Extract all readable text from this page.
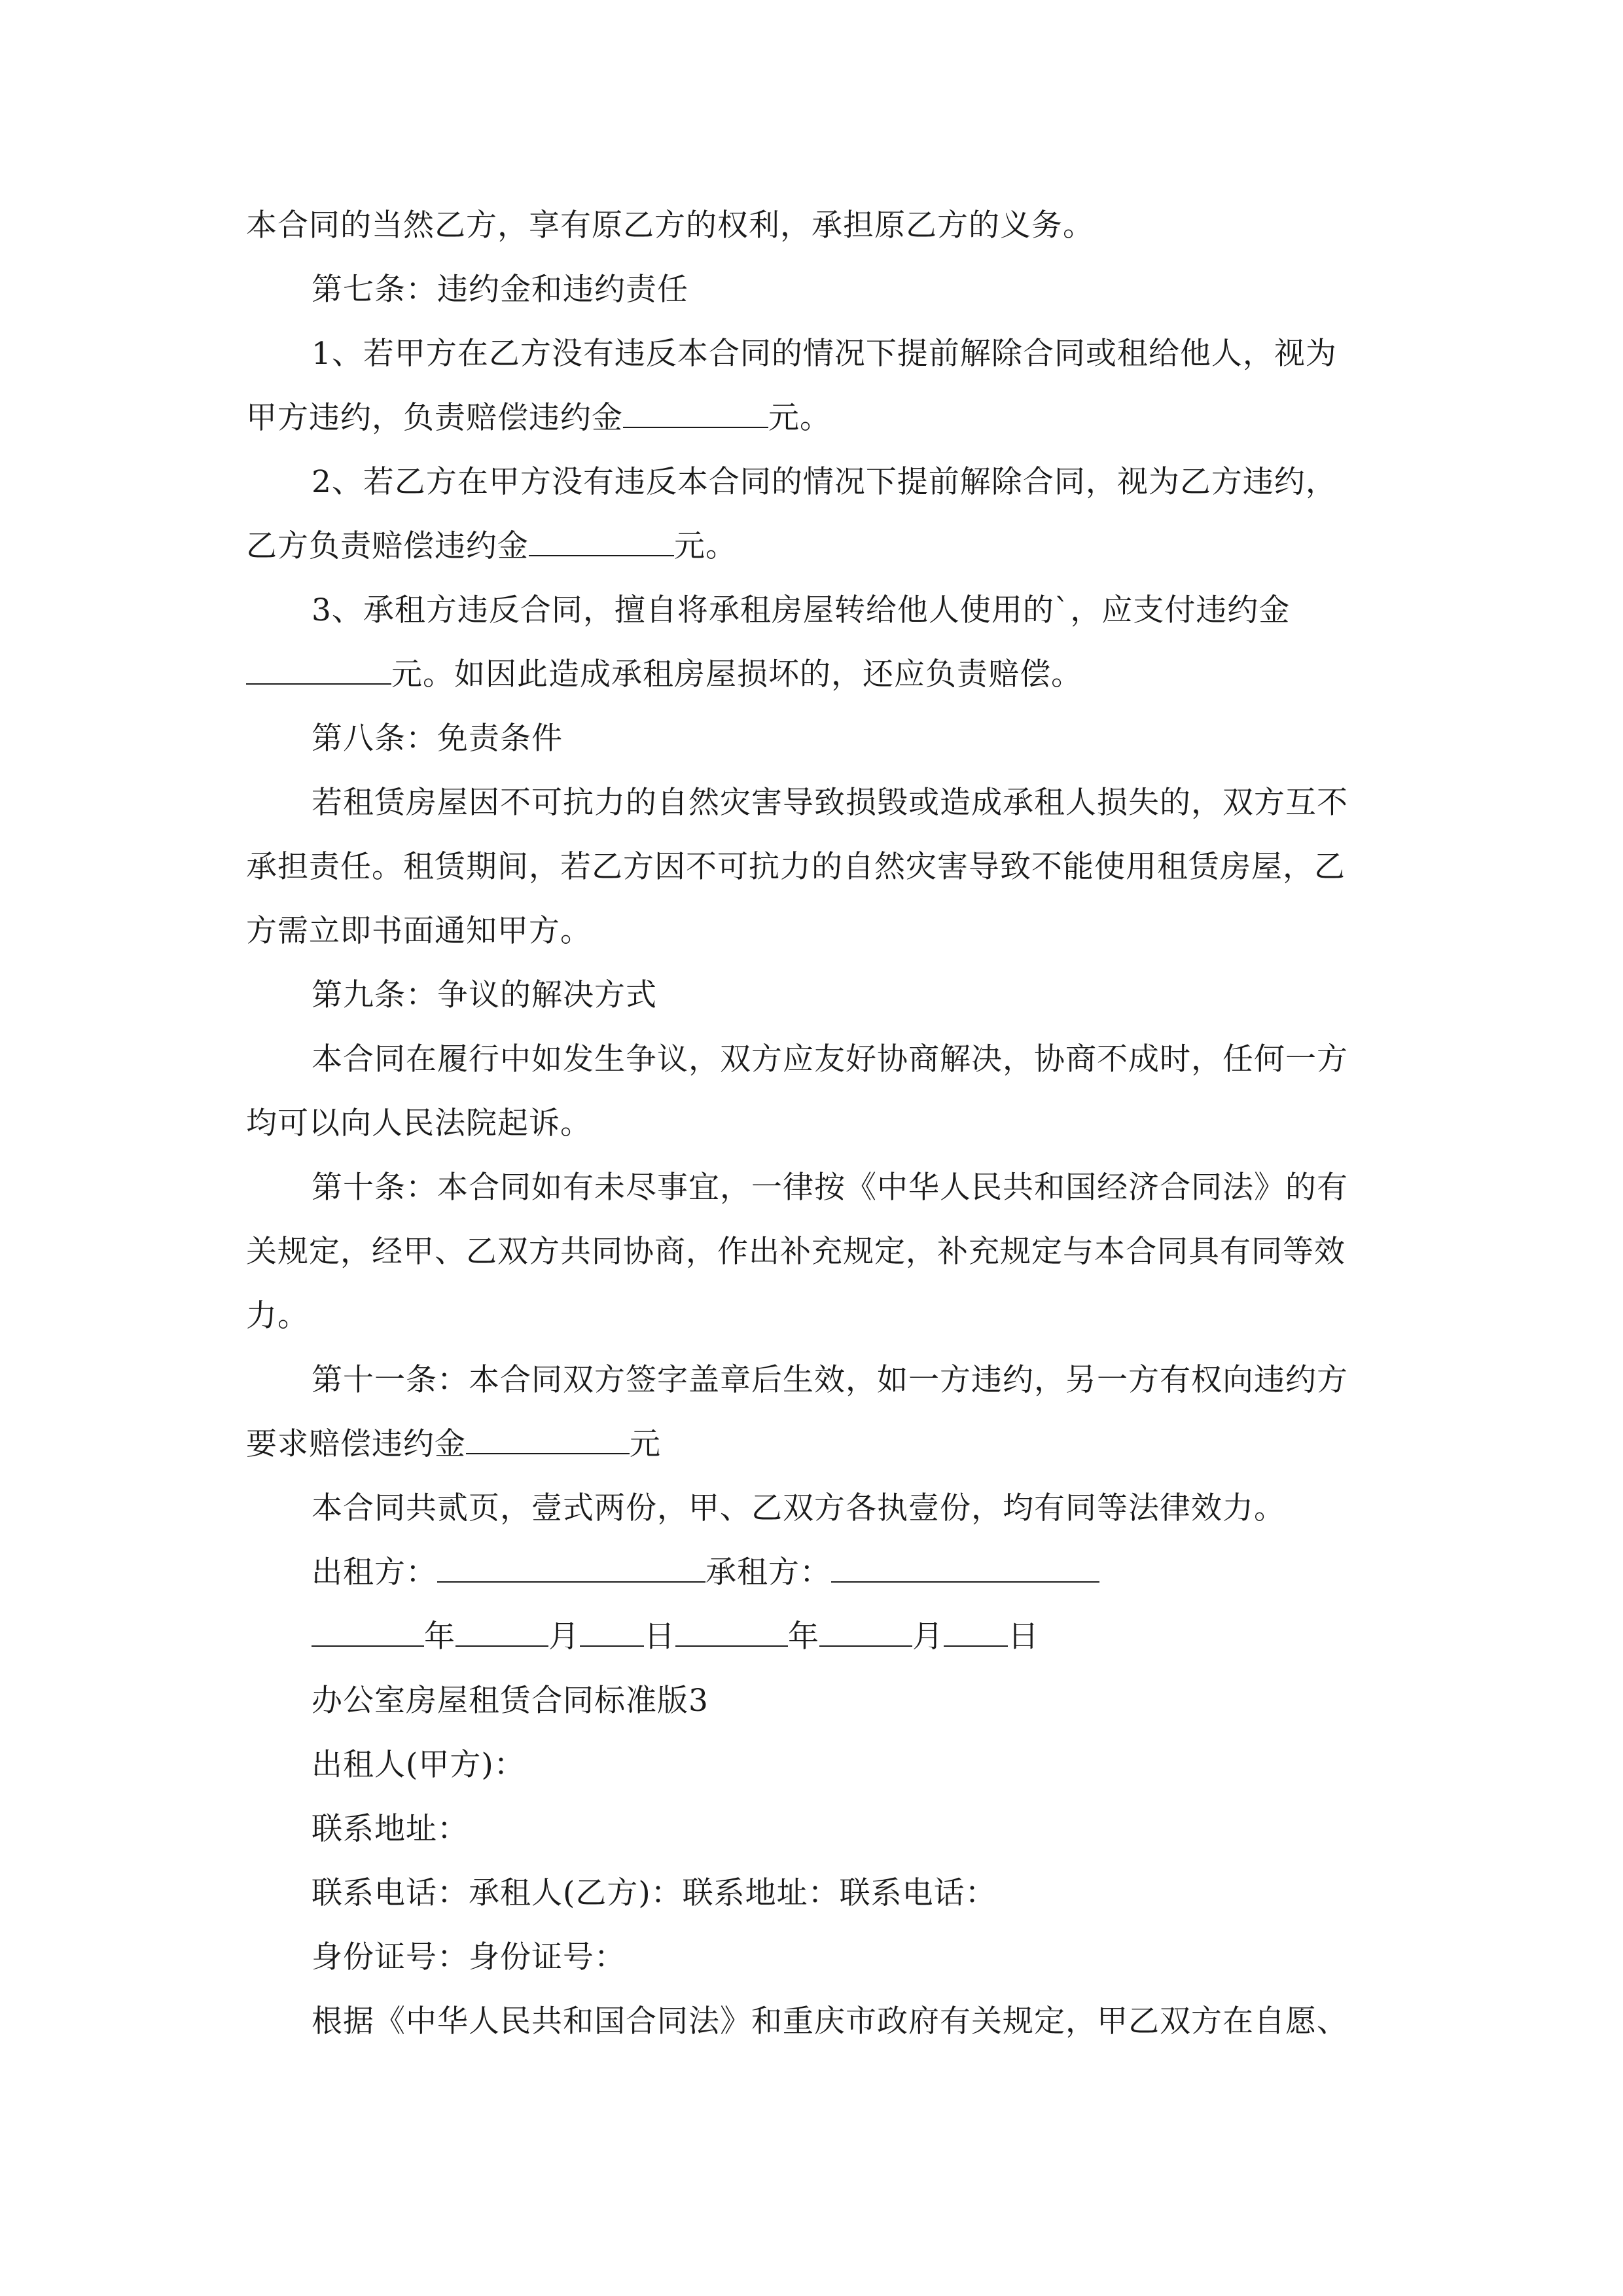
本合同的当然乙方，享有原乙方的权利，承担原乙方的义务。

第七条：违约金和违约责任

1、若甲方在乙方没有违反本合同的情况下提前解除合同或租给他人，视为

甲方违约，负责赔偿违约金	元。

2、若乙方在甲方没有违反本合同的情况下提前解除合同，视为乙方违约，

乙方负责赔偿违约金	元。

3、承租方违反合同，擅自将承租房屋转给他人使用的`，应支付违约金

元。如因此造成承租房屋损坏的，还应负责赔偿。

第八条：免责条件

若租赁房屋因不可抗力的自然灾害导致损毁或造成承租人损失的，双方互不

承担责任。租赁期间，若乙方因不可抗力的自然灾害导致不能使用租赁房屋，乙

方需立即书面通知甲方。

第九条：争议的解决方式

本合同在履行中如发生争议，双方应友好协商解决，协商不成时，任何一方

均可以向人民法院起诉。

第十条：本合同如有未尽事宜，一律按《中华人民共和国经济合同法》的有

关规定，经甲、乙双方共同协商，作出补充规定，补充规定与本合同具有同等效

力。

第十一条：本合同双方签字盖章后生效，如一方违约，另一方有权向违约方

要求赔偿违约金	元

本合同共贰页，壹式两份，甲、乙双方各执壹份，均有同等法律效力。

出租方：	承租方：

年	月 日	年	月 日

办公室房屋租赁合同标准版3

出租人(甲方)：

联系地址：

联系电话：承租人(乙方)：联系地址：联系电话：

身份证号：身份证号：

根据《中华人民共和国合同法》和重庆市政府有关规定，甲乙双方在自愿、
